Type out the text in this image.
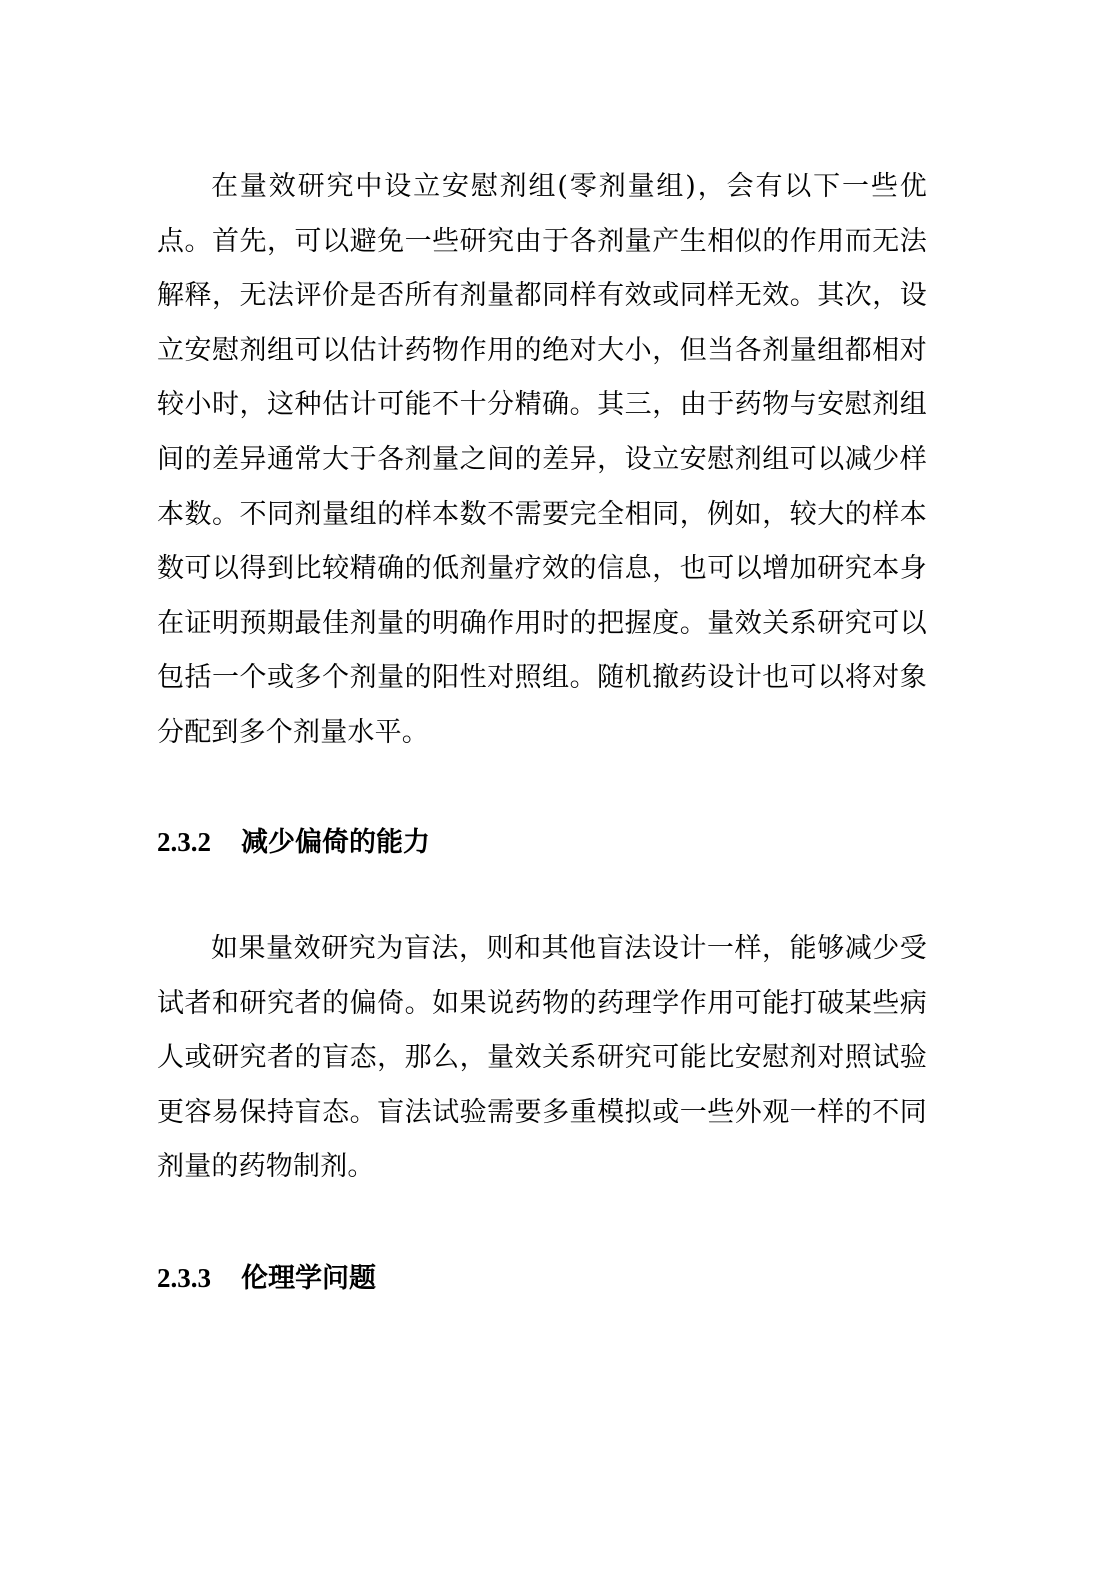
在量效研究中设立安慰剂组(零剂量组)，会有以下一些优点。首先，可以避免一些研究由于各剂量产生相似的作用而无法解释，无法评价是否所有剂量都同样有效或同样无效。其次，设立安慰剂组可以估计药物作用的绝对大小，但当各剂量组都相对较小时，这种估计可能不十分精确。其三，由于药物与安慰剂组间的差异通常大于各剂量之间的差异，设立安慰剂组可以减少样本数。不同剂量组的样本数不需要完全相同，例如，较大的样本数可以得到比较精确的低剂量疗效的信息，也可以增加研究本身在证明预期最佳剂量的明确作用时的把握度。量效关系研究可以包括一个或多个剂量的阳性对照组。随机撤药设计也可以将对象分配到多个剂量水平。

2.3.2 减少偏倚的能力

如果量效研究为盲法，则和其他盲法设计一样，能够减少受试者和研究者的偏倚。如果说药物的药理学作用可能打破某些病人或研究者的盲态，那么，量效关系研究可能比安慰剂对照试验更容易保持盲态。盲法试验需要多重模拟或一些外观一样的不同剂量的药物制剂。

2.3.3 伦理学问题
